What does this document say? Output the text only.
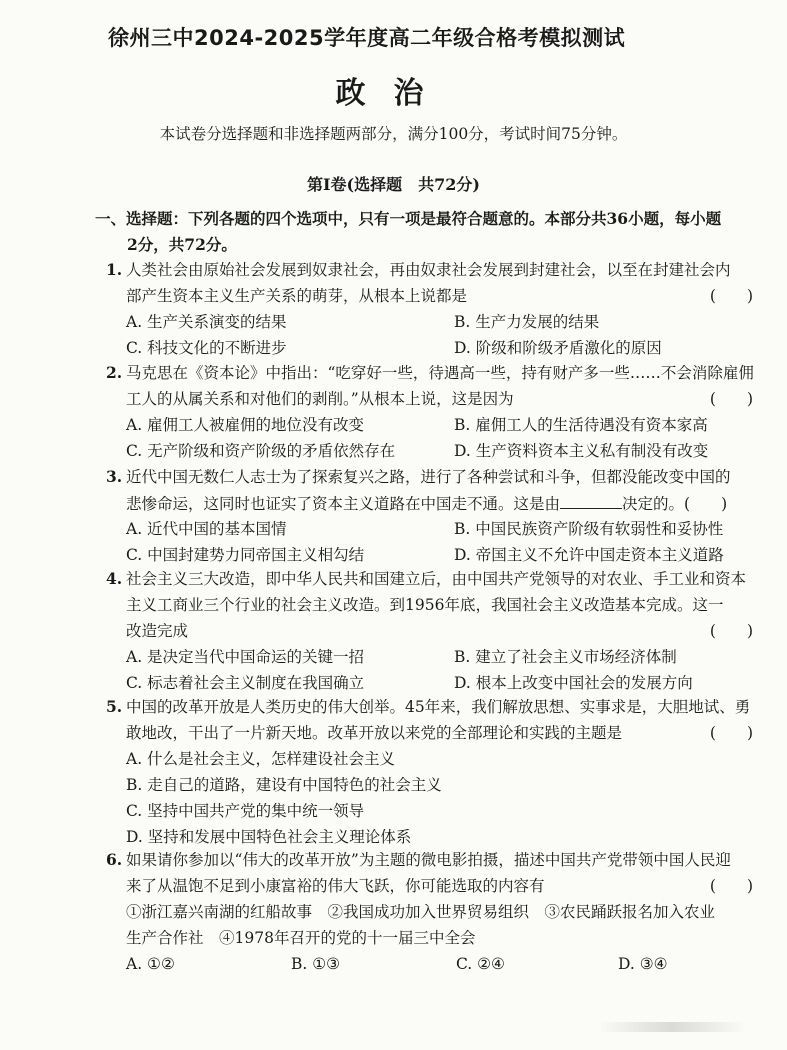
徐州三中2024-2025学年度高二年级合格考模拟测试
政治
本试卷分选择题和非选择题两部分，满分100分，考试时间75分钟。
第Ⅰ卷(选择题　共72分)
一、选择题：下列各题的四个选项中，只有一项是最符合题意的。本部分共36小题，每小题
2分，共72分。
1. 人类社会由原始社会发展到奴隶社会，再由奴隶社会发展到封建社会，以至在封建社会内
部产生资本主义生产关系的萌芽，从根本上说都是	(　　)
A. 生产关系演变的结果	B. 生产力发展的结果
C. 科技文化的不断进步	D. 阶级和阶级矛盾激化的原因
2. 马克思在《资本论》中指出：“吃穿好一些，待遇高一些，持有财产多一些……不会消除雇佣
工人的从属关系和对他们的剥削。”从根本上说，这是因为	(　　)
A. 雇佣工人被雇佣的地位没有改变	B. 雇佣工人的生活待遇没有资本家高
C. 无产阶级和资产阶级的矛盾依然存在	D. 生产资料资本主义私有制没有改变
3. 近代中国无数仁人志士为了探索复兴之路，进行了各种尝试和斗争，但都没能改变中国的
悲惨命运，这同时也证实了资本主义道路在中国走不通。这是由	决定的。(　　)
A. 近代中国的基本国情	B. 中国民族资产阶级有软弱性和妥协性
C. 中国封建势力同帝国主义相勾结	D. 帝国主义不允许中国走资本主义道路
4. 社会主义三大改造，即中华人民共和国建立后，由中国共产党领导的对农业、手工业和资本
主义工商业三个行业的社会主义改造。到1956年底，我国社会主义改造基本完成。这一
改造完成	(　　)
A. 是决定当代中国命运的关键一招	B. 建立了社会主义市场经济体制
C. 标志着社会主义制度在我国确立	D. 根本上改变中国社会的发展方向
5. 中国的改革开放是人类历史的伟大创举。45年来，我们解放思想、实事求是，大胆地试、勇
敢地改，干出了一片新天地。改革开放以来党的全部理论和实践的主题是	(　　)
A. 什么是社会主义，怎样建设社会主义
B. 走自己的道路，建设有中国特色的社会主义
C. 坚持中国共产党的集中统一领导
D. 坚持和发展中国特色社会主义理论体系
6. 如果请你参加以“伟大的改革开放”为主题的微电影拍摄，描述中国共产党带领中国人民迎
来了从温饱不足到小康富裕的伟大飞跃，你可能选取的内容有	(　　)
①浙江嘉兴南湖的红船故事　②我国成功加入世界贸易组织　③农民踊跃报名加入农业
生产合作社　④1978年召开的党的十一届三中全会
A. ①②	B. ①③	C. ②④	D. ③④
